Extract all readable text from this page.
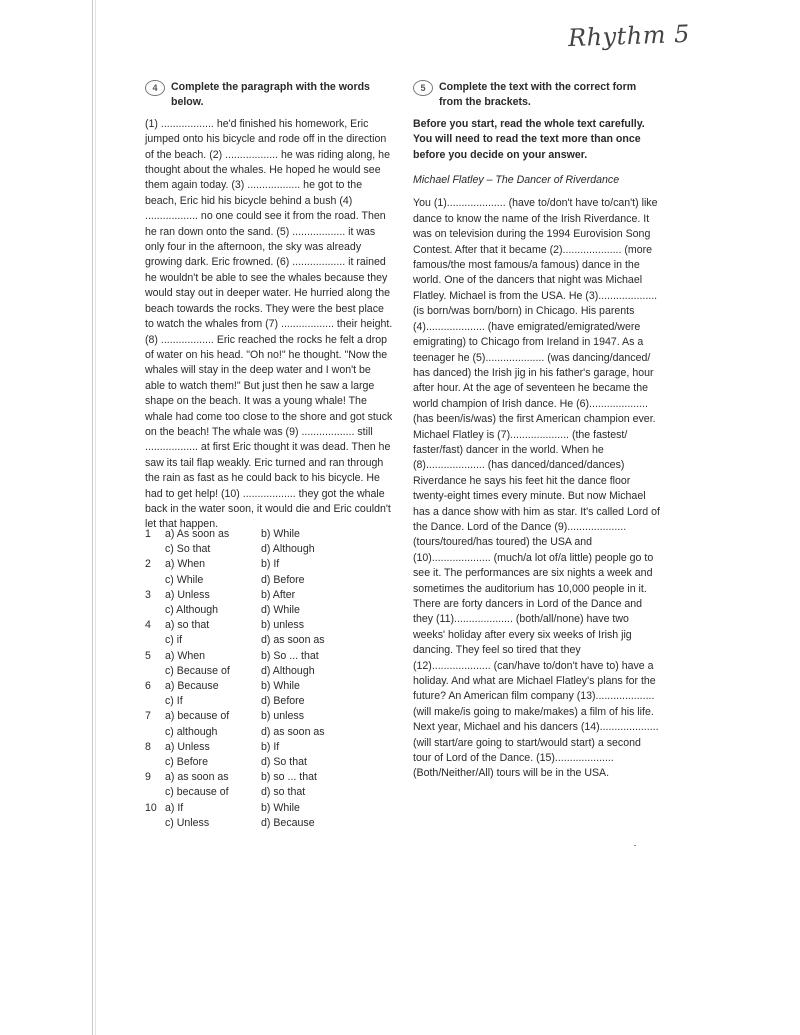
Rhythm 5
4	Complete the paragraph with the words below.

(1) .................. he'd finished his homework, Eric jumped onto his bicycle and rode off in the direction of the beach. (2) .................. he was riding along, he thought about the whales. He hoped he would see them again today. (3) .................. he got to the beach, Eric hid his bicycle behind a bush (4) .................. no one could see it from the road. Then he ran down onto the sand. (5) .................. it was only four in the afternoon, the sky was already growing dark. Eric frowned. (6) .................. it rained he wouldn't be able to see the whales because they would stay out in deeper water. He hurried along the beach towards the rocks. They were the best place to watch the whales from (7) .................. their height. (8) .................. Eric reached the rocks he felt a drop of water on his head. "Oh no!" he thought. "Now the whales will stay in the deep water and I won't be able to watch them!" But just then he saw a large shape on the beach. It was a young whale! The whale had come too close to the shore and got stuck on the beach! The whale was (9) .................. still .................. at first Eric thought it was dead. Then he saw its tail flap weakly. Eric turned and ran through the rain as fast as he could back to his bicycle. He had to get help! (10) .................. they got the whale back in the water soon, it would die and Eric couldn't let that happen.

1	a) As soon as	b) While
c) So that	d) Although
2	a) When	b) If
c) While	d) Before
3	a) Unless	b) After
c) Although	d) While
4	a) so that	b) unless
c) if	d) as soon as
5	a) When	b) So ... that
c) Because of	d) Although
6	a) Because	b) While
c) If	d) Before
7	a) because of	b) unless
c) although	d) as soon as
8	a) Unless	b) If
c) Before	d) So that
9	a) as soon as	b) so ... that
c) because of	d) so that
10 a) If	b) While
c) Unless	d) Because
5	Complete the text with the correct form from the brackets.

Before you start, read the whole text carefully. You will need to read the text more than once before you decide on your answer.

Michael Flatley – The Dancer of Riverdance

You (1).................... (have to/don't have to/can't) like dance to know the name of the Irish Riverdance. It was on television during the 1994 Eurovision Song Contest. After that it became (2).................... (more famous/the most famous/a famous) dance in the world. One of the dancers that night was Michael Flatley. Michael is from the USA. He (3).................... (is born/was born/born) in Chicago. His parents (4).................... (have emigrated/emigrated/were emigrating) to Chicago from Ireland in 1947. As a teenager he (5).................... (was dancing/danced/ has danced) the Irish jig in his father's garage, hour after hour. At the age of seventeen he became the world champion of Irish dance. He (6).................... (has been/is/was) the first American champion ever. Michael Flatley is (7).................... (the fastest/ faster/fast) dancer in the world. When he (8).................... (has danced/danced/dances) Riverdance he says his feet hit the dance floor twenty-eight times every minute. But now Michael has a dance show with him as star. It's called Lord of the Dance. Lord of the Dance (9).................... (tours/toured/has toured) the USA and (10).................... (much/a lot of/a little) people go to see it. The performances are six nights a week and sometimes the auditorium has 10,000 people in it. There are forty dancers in Lord of the Dance and they (11).................... (both/all/none) have two weeks' holiday after every six weeks of Irish jig dancing. They feel so tired that they (12).................... (can/have to/don't have to) have a holiday. And what are Michael Flatley's plans for the future? An American film company (13).................... (will make/is going to make/makes) a film of his life. Next year, Michael and his dancers (14).................... (will start/are going to start/would start) a second tour of Lord of the Dance. (15).................... (Both/Neither/All) tours will be in the USA.
